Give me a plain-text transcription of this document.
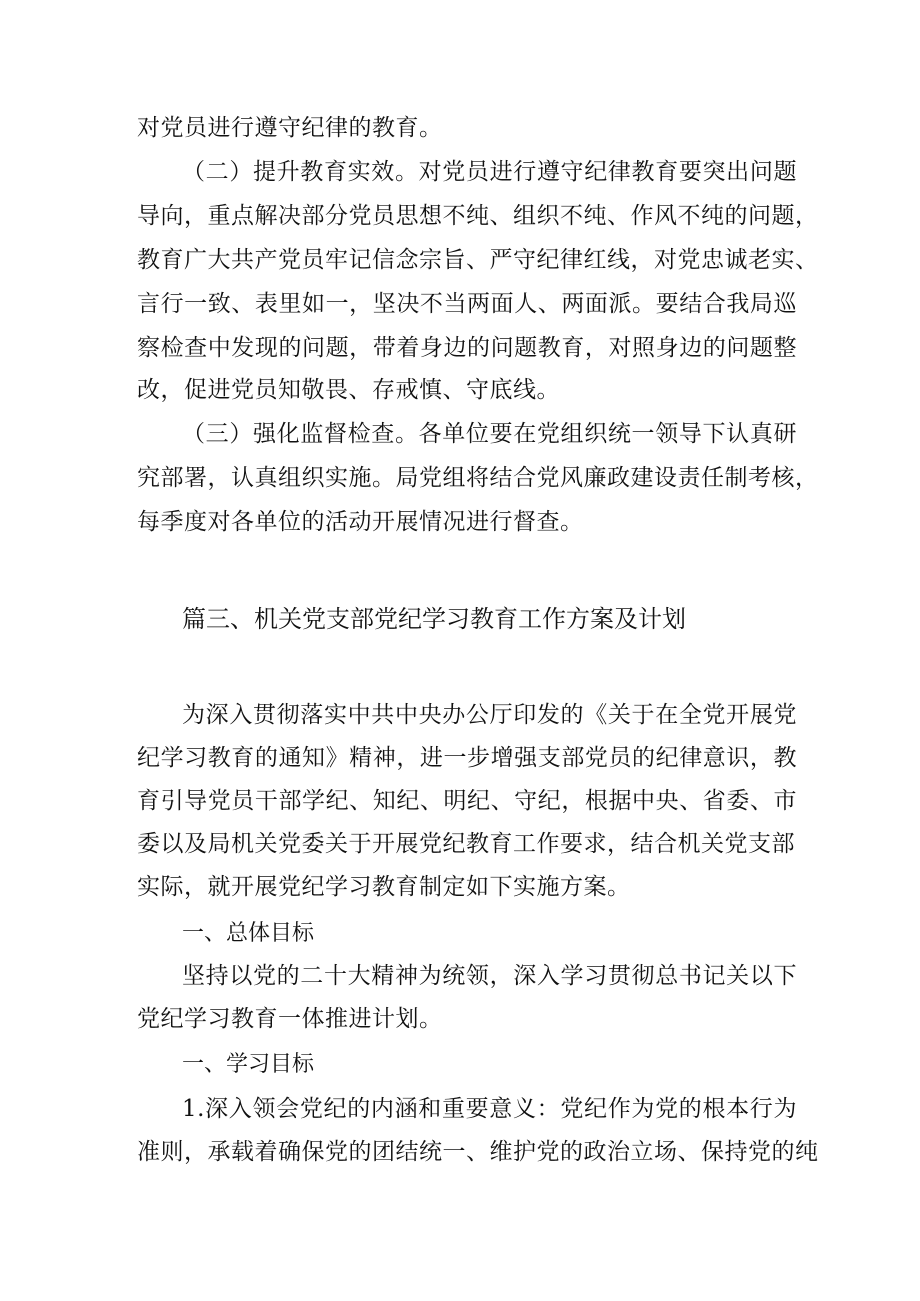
对党员进行遵守纪律的教育。
（二）提升教育实效。对党员进行遵守纪律教育要突出问题
导向，重点解决部分党员思想不纯、组织不纯、作风不纯的问题，
教育广大共产党员牢记信念宗旨、严守纪律红线，对党忠诚老实、
言行一致、表里如一，坚决不当两面人、两面派。要结合我局巡
察检查中发现的问题，带着身边的问题教育，对照身边的问题整
改，促进党员知敬畏、存戒慎、守底线。
（三）强化监督检查。各单位要在党组织统一领导下认真研
究部署，认真组织实施。局党组将结合党风廉政建设责任制考核，
每季度对各单位的活动开展情况进行督查。
篇三、机关党支部党纪学习教育工作方案及计划
为深入贯彻落实中共中央办公厅印发的《关于在全党开展党
纪学习教育的通知》精神，进一步增强支部党员的纪律意识，教
育引导党员干部学纪、知纪、明纪、守纪，根据中央、省委、市
委以及局机关党委关于开展党纪教育工作要求，结合机关党支部
实际，就开展党纪学习教育制定如下实施方案。
一、总体目标
坚持以党的二十大精神为统领，深入学习贯彻总书记关以下
党纪学习教育一体推进计划。
一、学习目标
1.深入领会党纪的内涵和重要意义：党纪作为党的根本行为
准则，承载着确保党的团结统一、维护党的政治立场、保持党的纯
